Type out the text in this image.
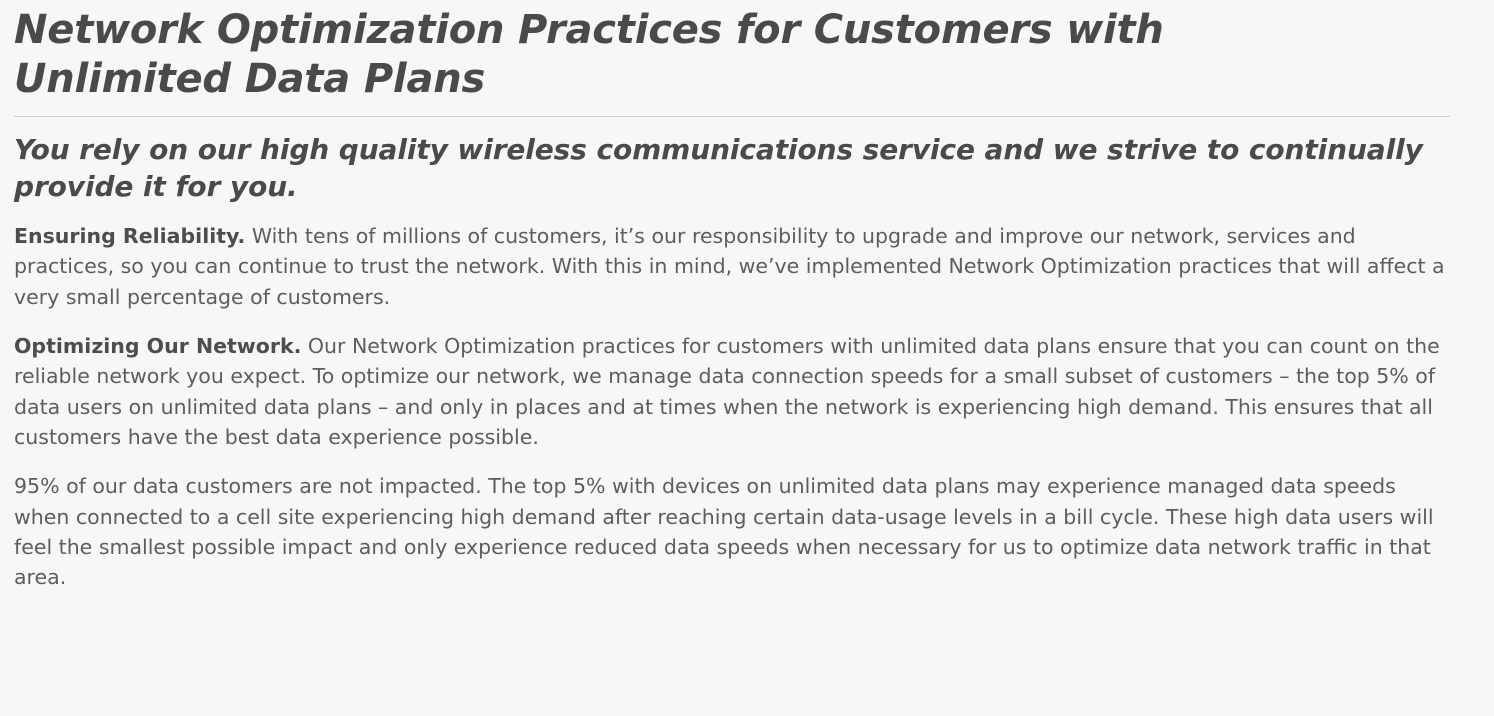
Network Optimization Practices for Customers with Unlimited Data Plans
You rely on our high quality wireless communications service and we strive to continually provide it for you.

Ensuring Reliability. With tens of millions of customers, it’s our responsibility to upgrade and improve our network, services and practices, so you can continue to trust the network. With this in mind, we’ve implemented Network Optimization practices that will affect a very small percentage of customers.

Optimizing Our Network. Our Network Optimization practices for customers with unlimited data plans ensure that you can count on the reliable network you expect. To optimize our network, we manage data connection speeds for a small subset of customers – the top 5% of data users on unlimited data plans – and only in places and at times when the network is experiencing high demand. This ensures that all customers have the best data experience possible.

95% of our data customers are not impacted. The top 5% with devices on unlimited data plans may experience managed data speeds when connected to a cell site experiencing high demand after reaching certain data-usage levels in a bill cycle. These high data users will feel the smallest possible impact and only experience reduced data speeds when necessary for us to optimize data network traffic in that area.
